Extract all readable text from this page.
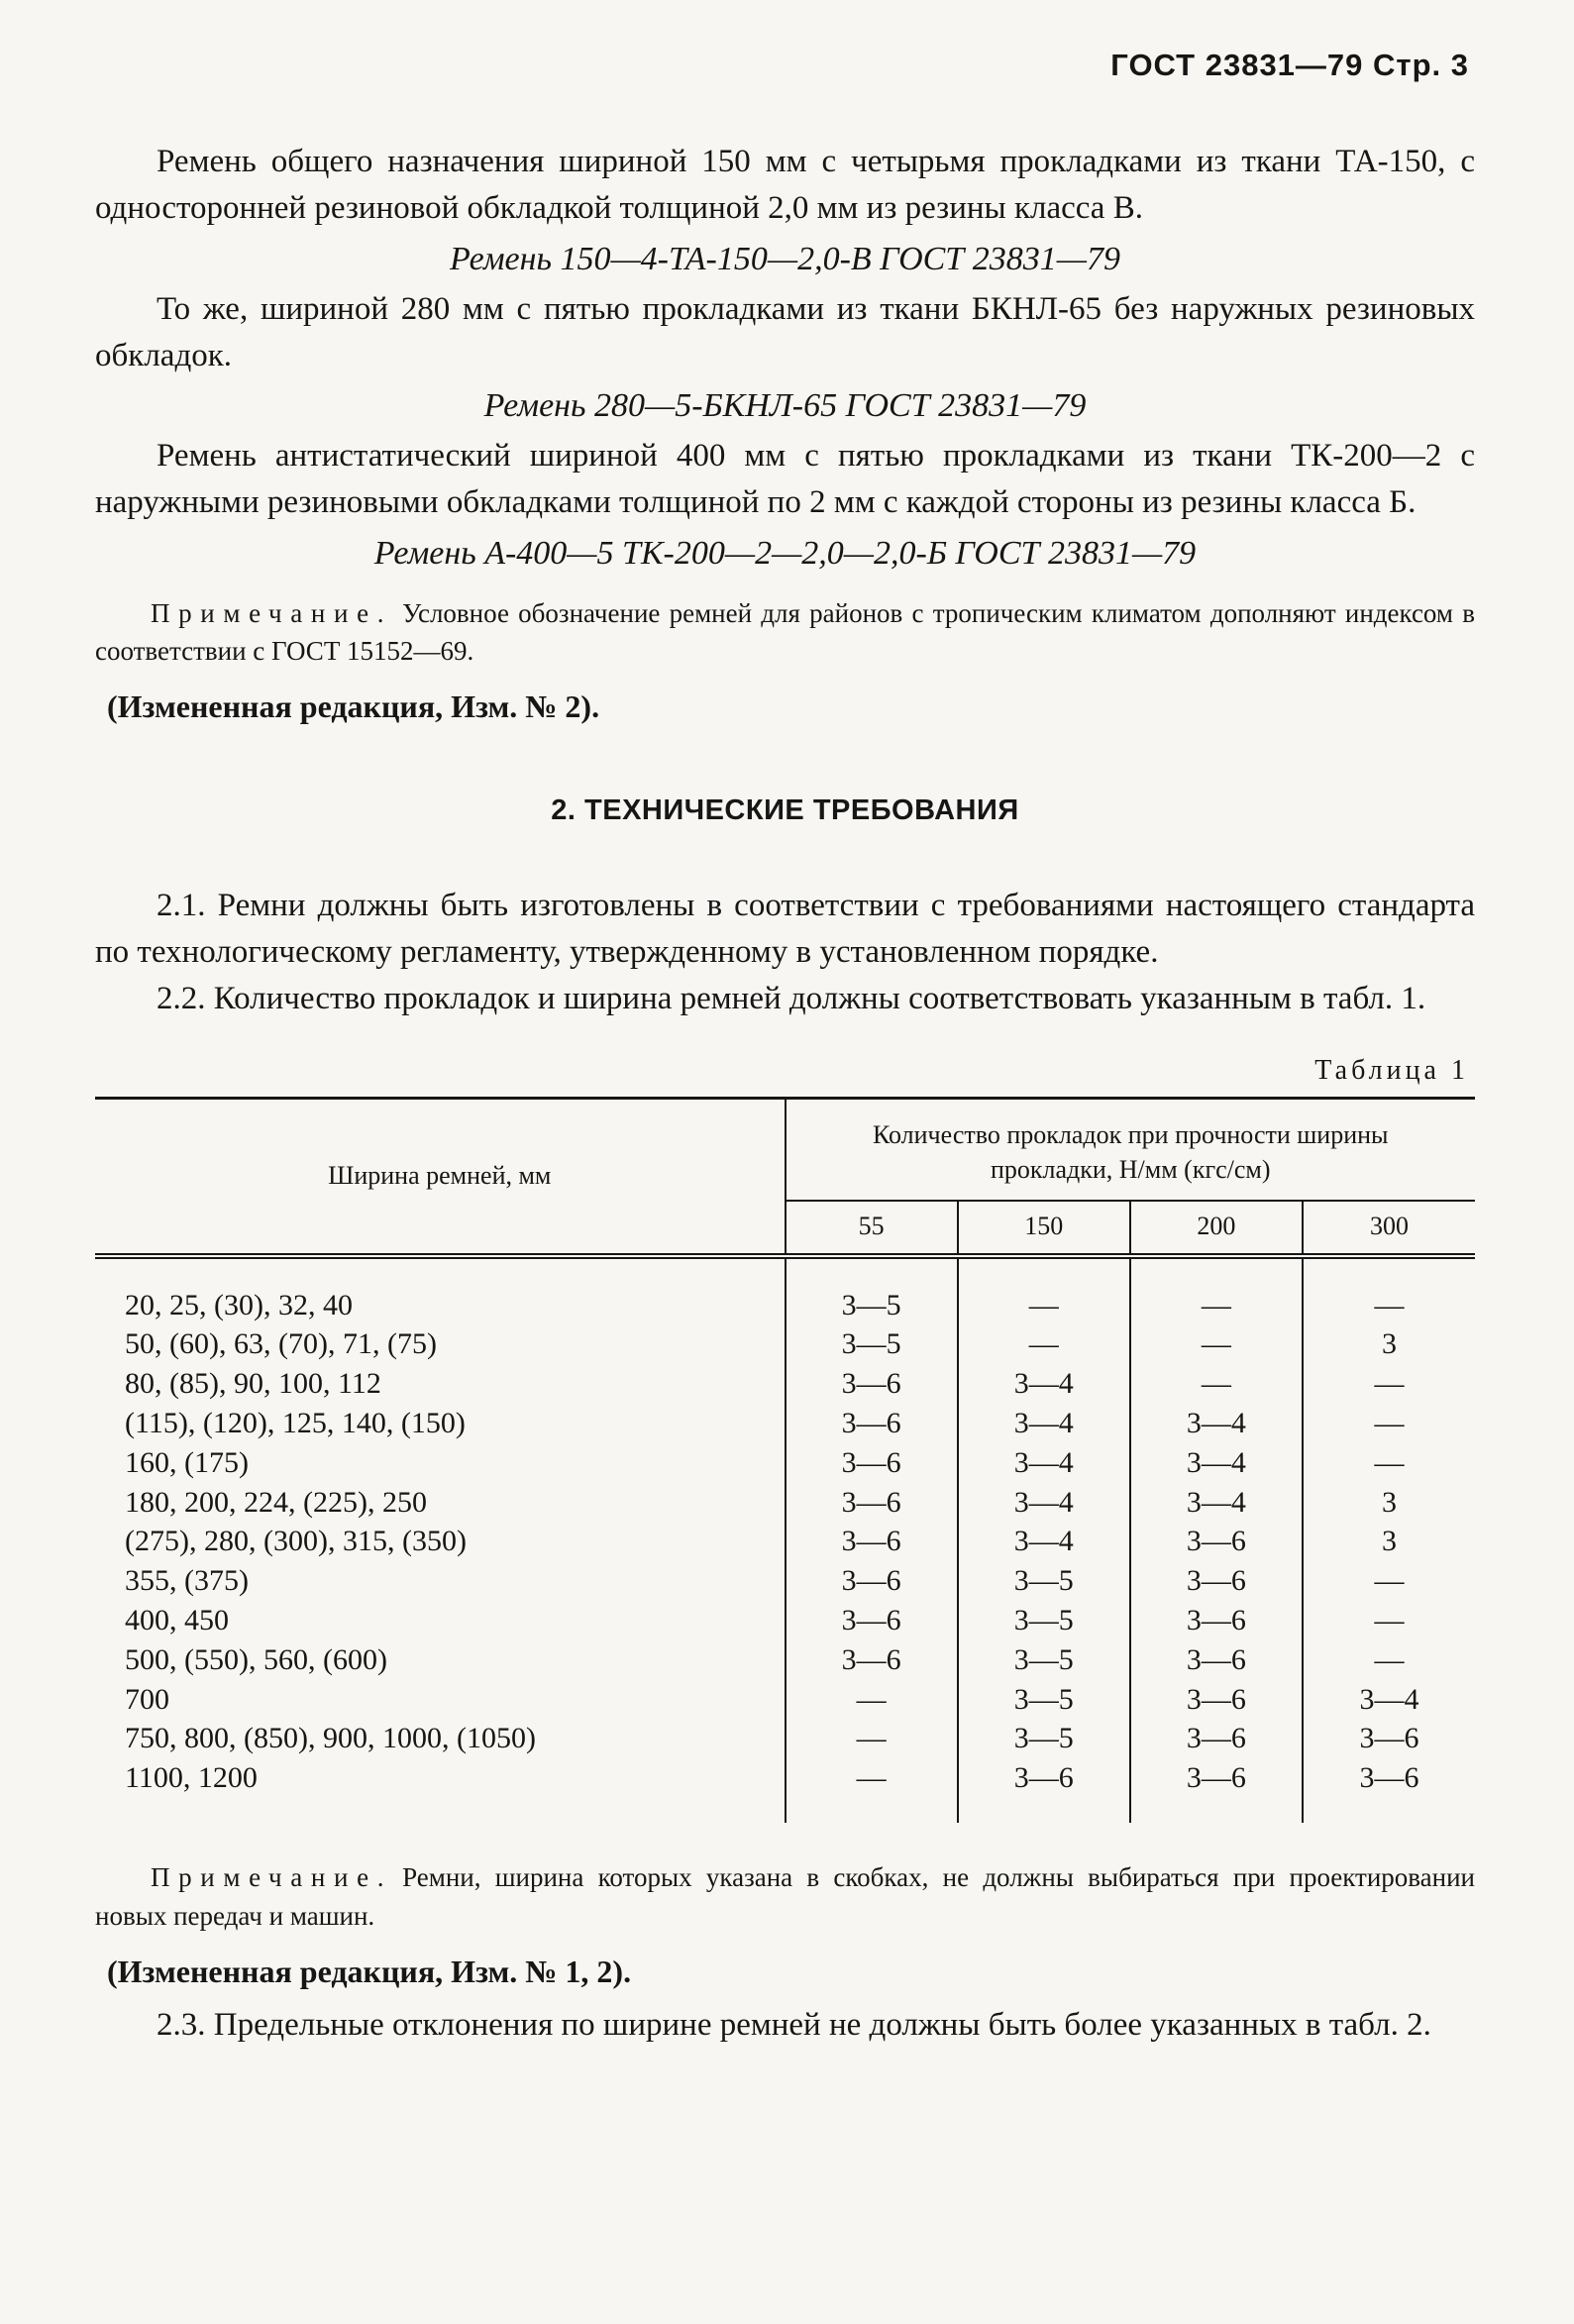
ГОСТ 23831—79 Стр. 3

Ремень общего назначения шириной 150 мм с четырьмя прокладками из ткани ТА-150, с односторонней резиновой обкладкой толщиной 2,0 мм из резины класса В.

Ремень 150—4-ТА-150—2,0-В ГОСТ 23831—79

То же, шириной 280 мм с пятью прокладками из ткани БКНЛ-65 без наружных резиновых обкладок.

Ремень 280—5-БКНЛ-65 ГОСТ 23831—79

Ремень антистатический шириной 400 мм с пятью прокладками из ткани ТК-200—2 с наружными резиновыми обкладками толщиной по 2 мм с каждой стороны из резины класса Б.

Ремень А-400—5 ТК-200—2—2,0—2,0-Б ГОСТ 23831—79

Примечание. Условное обозначение ремней для районов с тропическим климатом дополняют индексом в соответствии с ГОСТ 15152—69.

(Измененная редакция, Изм. № 2).

2. ТЕХНИЧЕСКИЕ ТРЕБОВАНИЯ

2.1. Ремни должны быть изготовлены в соответствии с требованиями настоящего стандарта по технологическому регламенту, утвержденному в установленном порядке.

2.2. Количество прокладок и ширина ремней должны соответствовать указанным в табл. 1.

Таблица 1
Ширина ремней, мм	Количество прокладок при прочности ширины прокладки, Н/мм (кгс/см)			
	55	150	200	300
20, 25, (30), 32, 40	3—5	—	—	—
50, (60), 63, (70), 71, (75)	3—5	—	—	3
80, (85), 90, 100, 112	3—6	3—4	—	—
(115), (120), 125, 140, (150)	3—6	3—4	3—4	—
160, (175)	3—6	3—4	3—4	—
180, 200, 224, (225), 250	3—6	3—4	3—4	3
(275), 280, (300), 315, (350)	3—6	3—4	3—6	3
355, (375)	3—6	3—5	3—6	—
400, 450	3—6	3—5	3—6	—
500, (550), 560, (600)	3—6	3—5	3—6	—
700	—	3—5	3—6	3—4
750, 800, (850), 900, 1000, (1050)	—	3—5	3—6	3—6
1100, 1200	—	3—6	3—6	3—6

Примечание. Ремни, ширина которых указана в скобках, не должны выбираться при проектировании новых передач и машин.

(Измененная редакция, Изм. № 1, 2).

2.3. Предельные отклонения по ширине ремней не должны быть более указанных в табл. 2.
